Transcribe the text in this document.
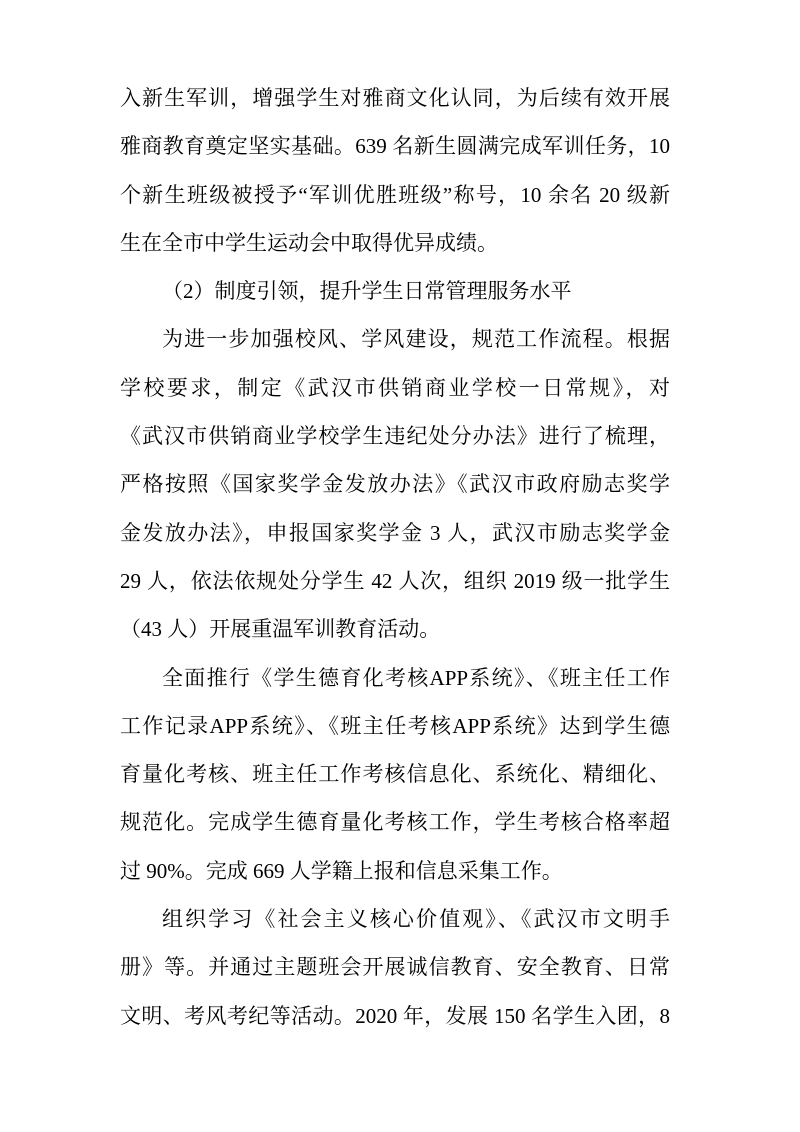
入新生军训，增强学生对雅商文化认同，为后续有效开展
雅商教育奠定坚实基础。639 名新生圆满完成军训任务，10
个新生班级被授予“军训优胜班级”称号，10 余名 20 级新
生在全市中学生运动会中取得优异成绩。
（2）制度引领，提升学生日常管理服务水平
为进一步加强校风、学风建设，规范工作流程。根据
学校要求，制定《武汉市供销商业学校一日常规》，对
《武汉市供销商业学校学生违纪处分办法》进行了梳理，
严格按照《国家奖学金发放办法》《武汉市政府励志奖学
金发放办法》，申报国家奖学金 3 人，武汉市励志奖学金
29 人，依法依规处分学生 42 人次，组织 2019 级一批学生
（43 人）开展重温军训教育活动。
全面推行《学生德育化考核APP系统》、《班主任工作
工作记录APP系统》、《班主任考核APP系统》达到学生德
育量化考核、班主任工作考核信息化、系统化、精细化、
规范化。完成学生德育量化考核工作，学生考核合格率超
过 90%。完成 669 人学籍上报和信息采集工作。
组织学习《社会主义核心价值观》、《武汉市文明手
册》等。并通过主题班会开展诚信教育、安全教育、日常
文明、考风考纪等活动。2020 年，发展 150 名学生入团，8
